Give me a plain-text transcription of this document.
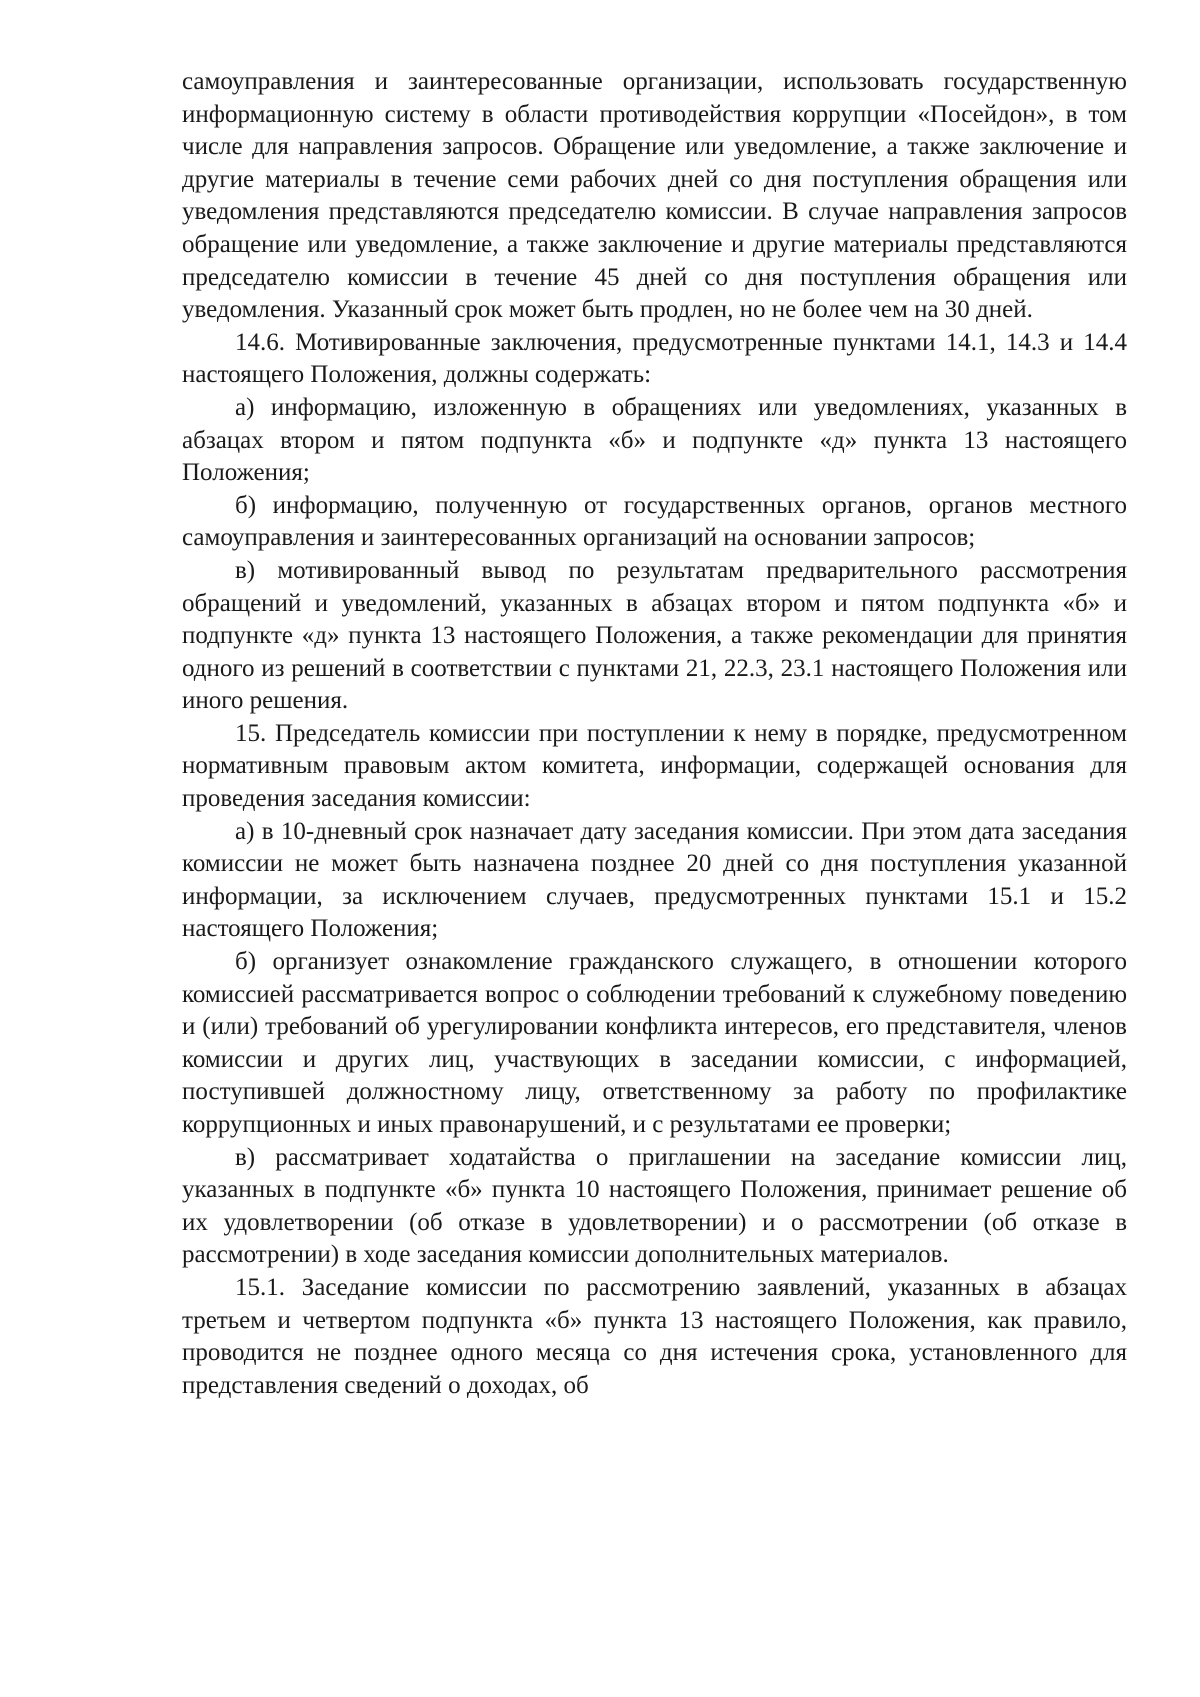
самоуправления и заинтересованные организации, использовать государственную информационную систему в области противодействия коррупции «Посейдон», в том числе для направления запросов. Обращение или уведомление, а также заключение и другие материалы в течение семи рабочих дней со дня поступления обращения или уведомления представляются председателю комиссии. В случае направления запросов обращение или уведомление, а также заключение и другие материалы представляются председателю комиссии в течение 45 дней со дня поступления обращения или уведомления. Указанный срок может быть продлен, но не более чем на 30 дней.

14.6. Мотивированные заключения, предусмотренные пунктами 14.1, 14.3 и 14.4 настоящего Положения, должны содержать:

а) информацию, изложенную в обращениях или уведомлениях, указанных в абзацах втором и пятом подпункта «б» и подпункте «д» пункта 13 настоящего Положения;

б) информацию, полученную от государственных органов, органов местного самоуправления и заинтересованных организаций на основании запросов;

в) мотивированный вывод по результатам предварительного рассмотрения обращений и уведомлений, указанных в абзацах втором и пятом подпункта «б» и подпункте «д» пункта 13 настоящего Положения, а также рекомендации для принятия одного из решений в соответствии с пунктами 21, 22.3, 23.1 настоящего Положения или иного решения.

15. Председатель комиссии при поступлении к нему в порядке, предусмотренном нормативным правовым актом комитета, информации, содержащей основания для проведения заседания комиссии:

а) в 10-дневный срок назначает дату заседания комиссии. При этом дата заседания комиссии не может быть назначена позднее 20 дней со дня поступления указанной информации, за исключением случаев, предусмотренных пунктами 15.1 и 15.2 настоящего Положения;

б) организует ознакомление гражданского служащего, в отношении которого комиссией рассматривается вопрос о соблюдении требований к служебному поведению и (или) требований об урегулировании конфликта интересов, его представителя, членов комиссии и других лиц, участвующих в заседании комиссии, с информацией, поступившей должностному лицу, ответственному за работу по профилактике коррупционных и иных правонарушений, и с результатами ее проверки;

в) рассматривает ходатайства о приглашении на заседание комиссии лиц, указанных в подпункте «б» пункта 10 настоящего Положения, принимает решение об их удовлетворении (об отказе в удовлетворении) и о рассмотрении (об отказе в рассмотрении) в ходе заседания комиссии дополнительных материалов.

15.1. Заседание комиссии по рассмотрению заявлений, указанных в абзацах третьем и четвертом подпункта «б» пункта 13 настоящего Положения, как правило, проводится не позднее одного месяца со дня истечения срока, установленного для представления сведений о доходах, об
